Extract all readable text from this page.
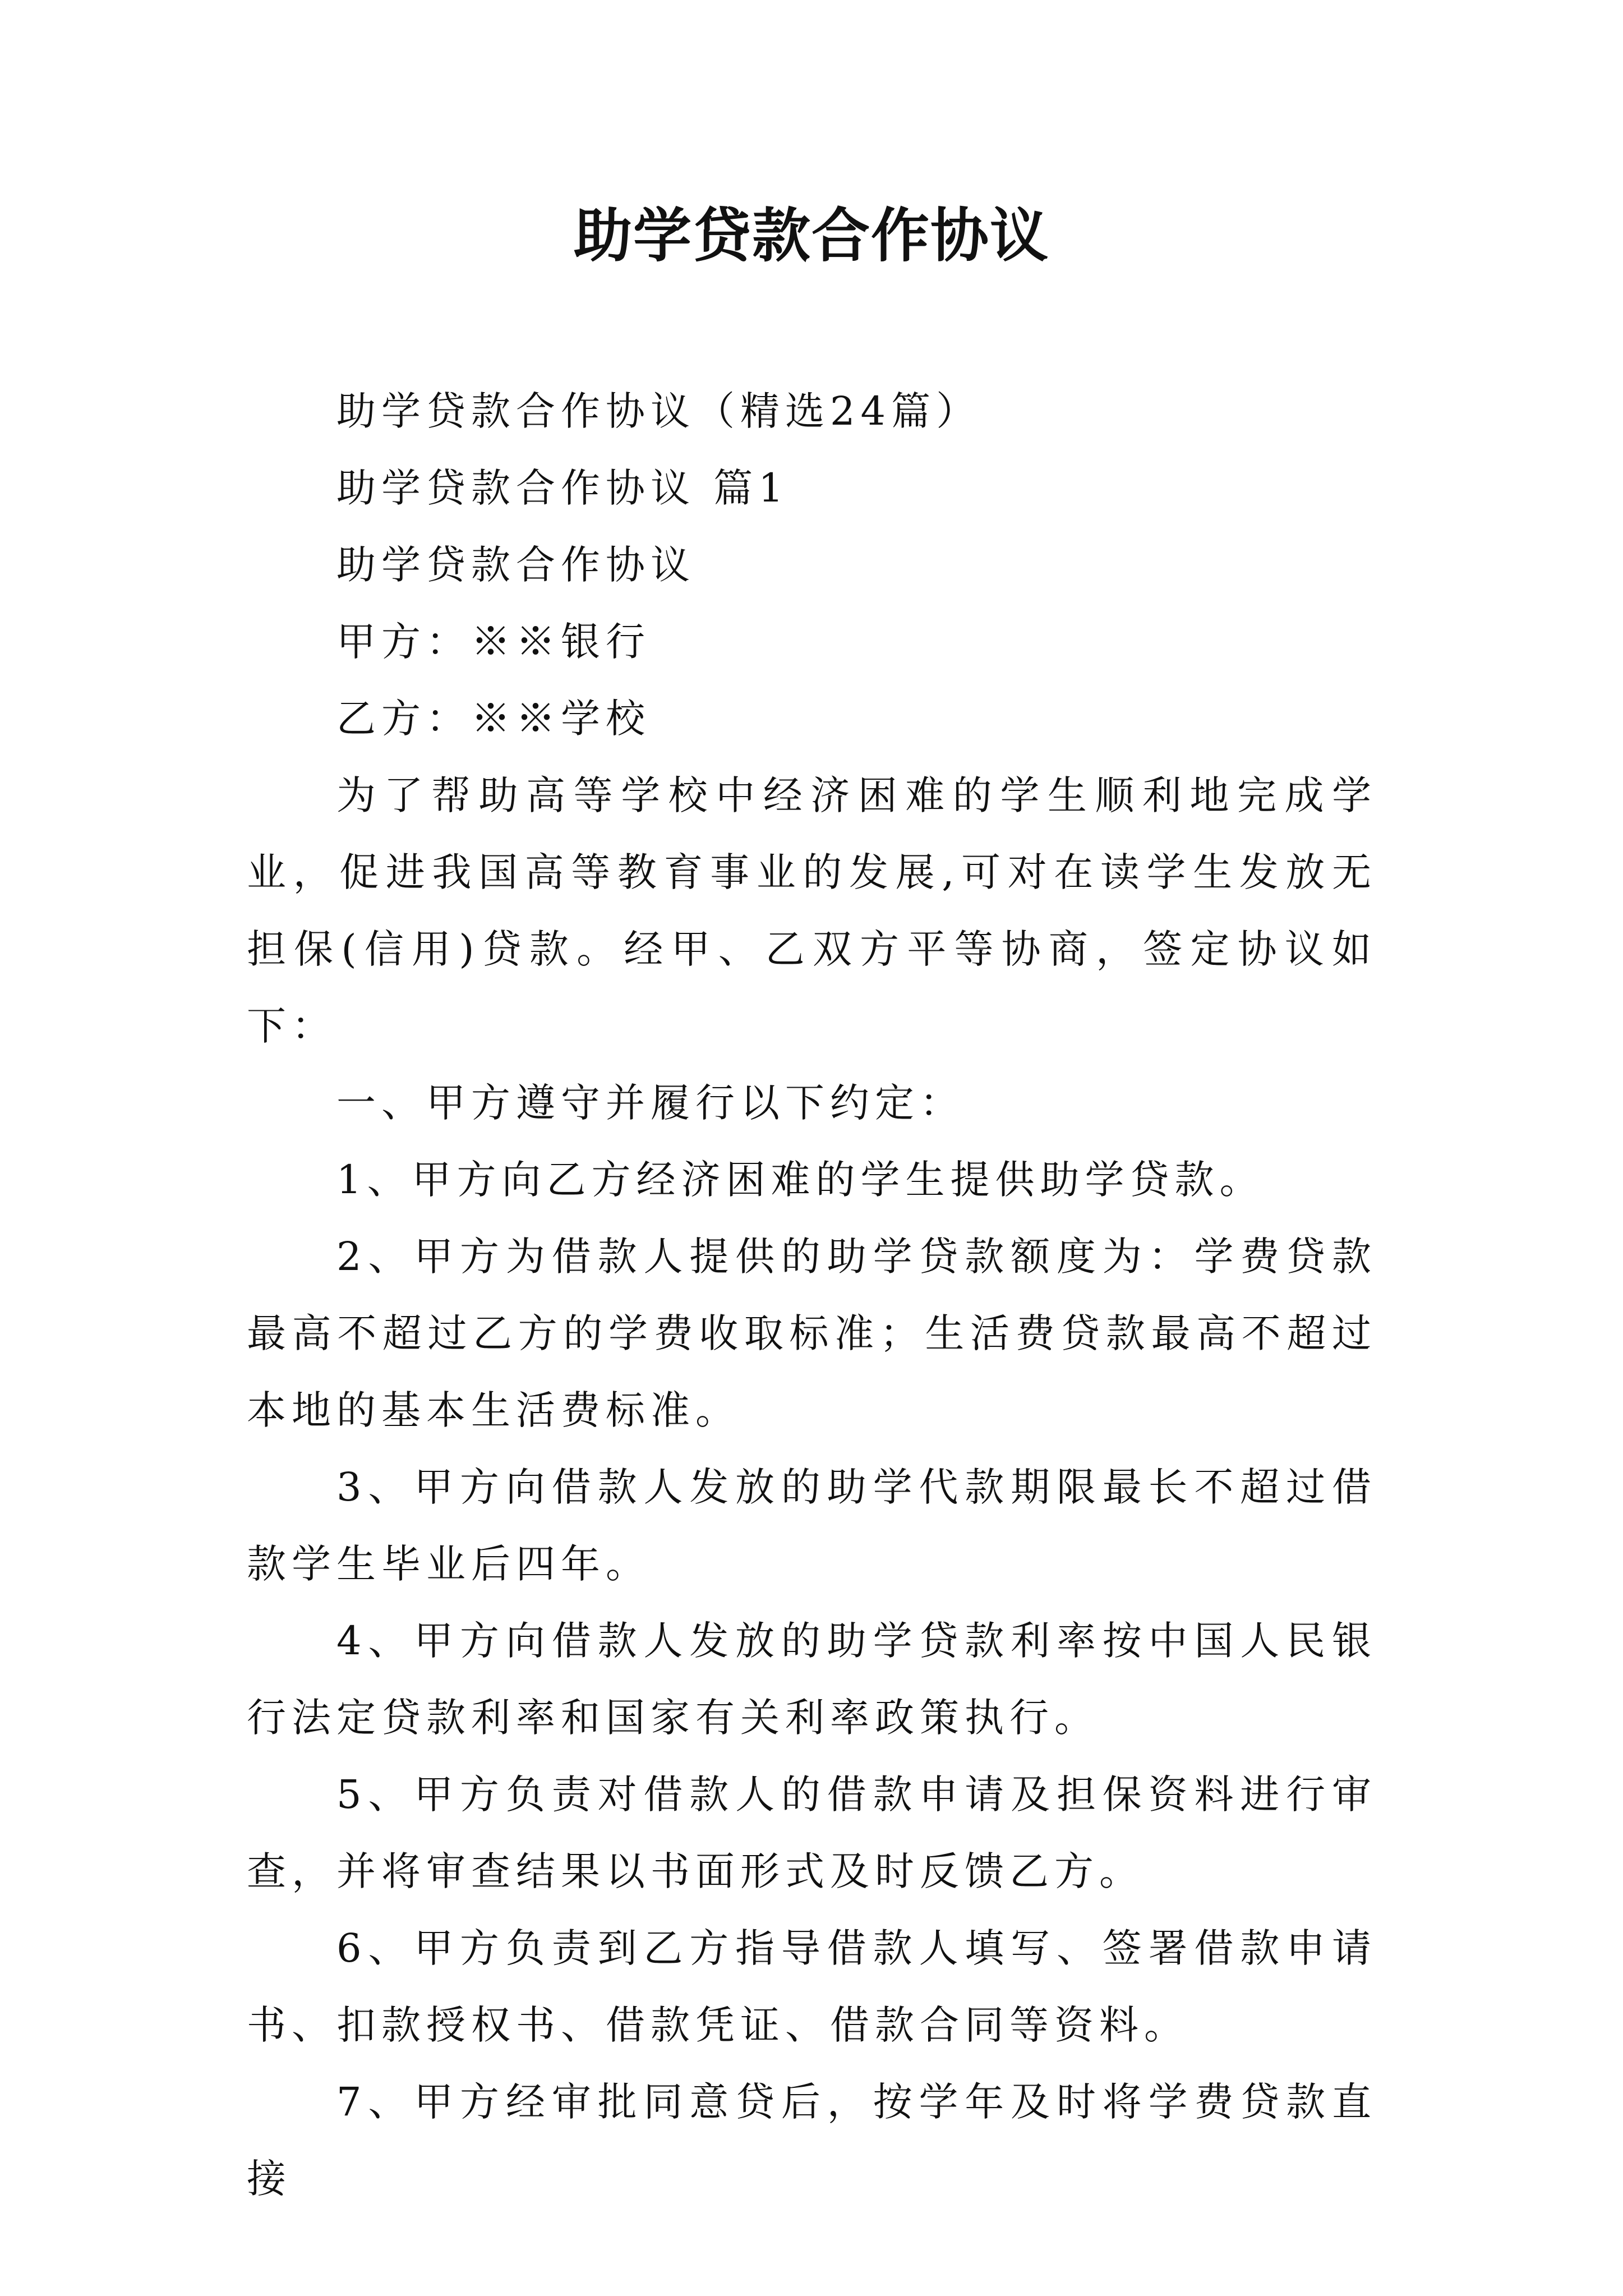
助学贷款合作协议

助学贷款合作协议（精选24篇）

助学贷款合作协议 篇1

助学贷款合作协议

甲方：※※银行

乙方：※※学校

为了帮助高等学校中经济困难的学生顺利地完成学业，促进我国高等教育事业的发展,可对在读学生发放无担保(信用)贷款。经甲、乙双方平等协商，签定协议如下：

一、甲方遵守并履行以下约定：

1、甲方向乙方经济困难的学生提供助学贷款。

2、甲方为借款人提供的助学贷款额度为：学费贷款最高不超过乙方的学费收取标准；生活费贷款最高不超过本地的基本生活费标准。

3、甲方向借款人发放的助学代款期限最长不超过借款学生毕业后四年。

4、甲方向借款人发放的助学贷款利率按中国人民银行法定贷款利率和国家有关利率政策执行。

5、甲方负责对借款人的借款申请及担保资料进行审查，并将审查结果以书面形式及时反馈乙方。

6、甲方负责到乙方指导借款人填写、签署借款申请书、扣款授权书、借款凭证、借款合同等资料。

7、甲方经审批同意贷后，按学年及时将学费贷款直接
